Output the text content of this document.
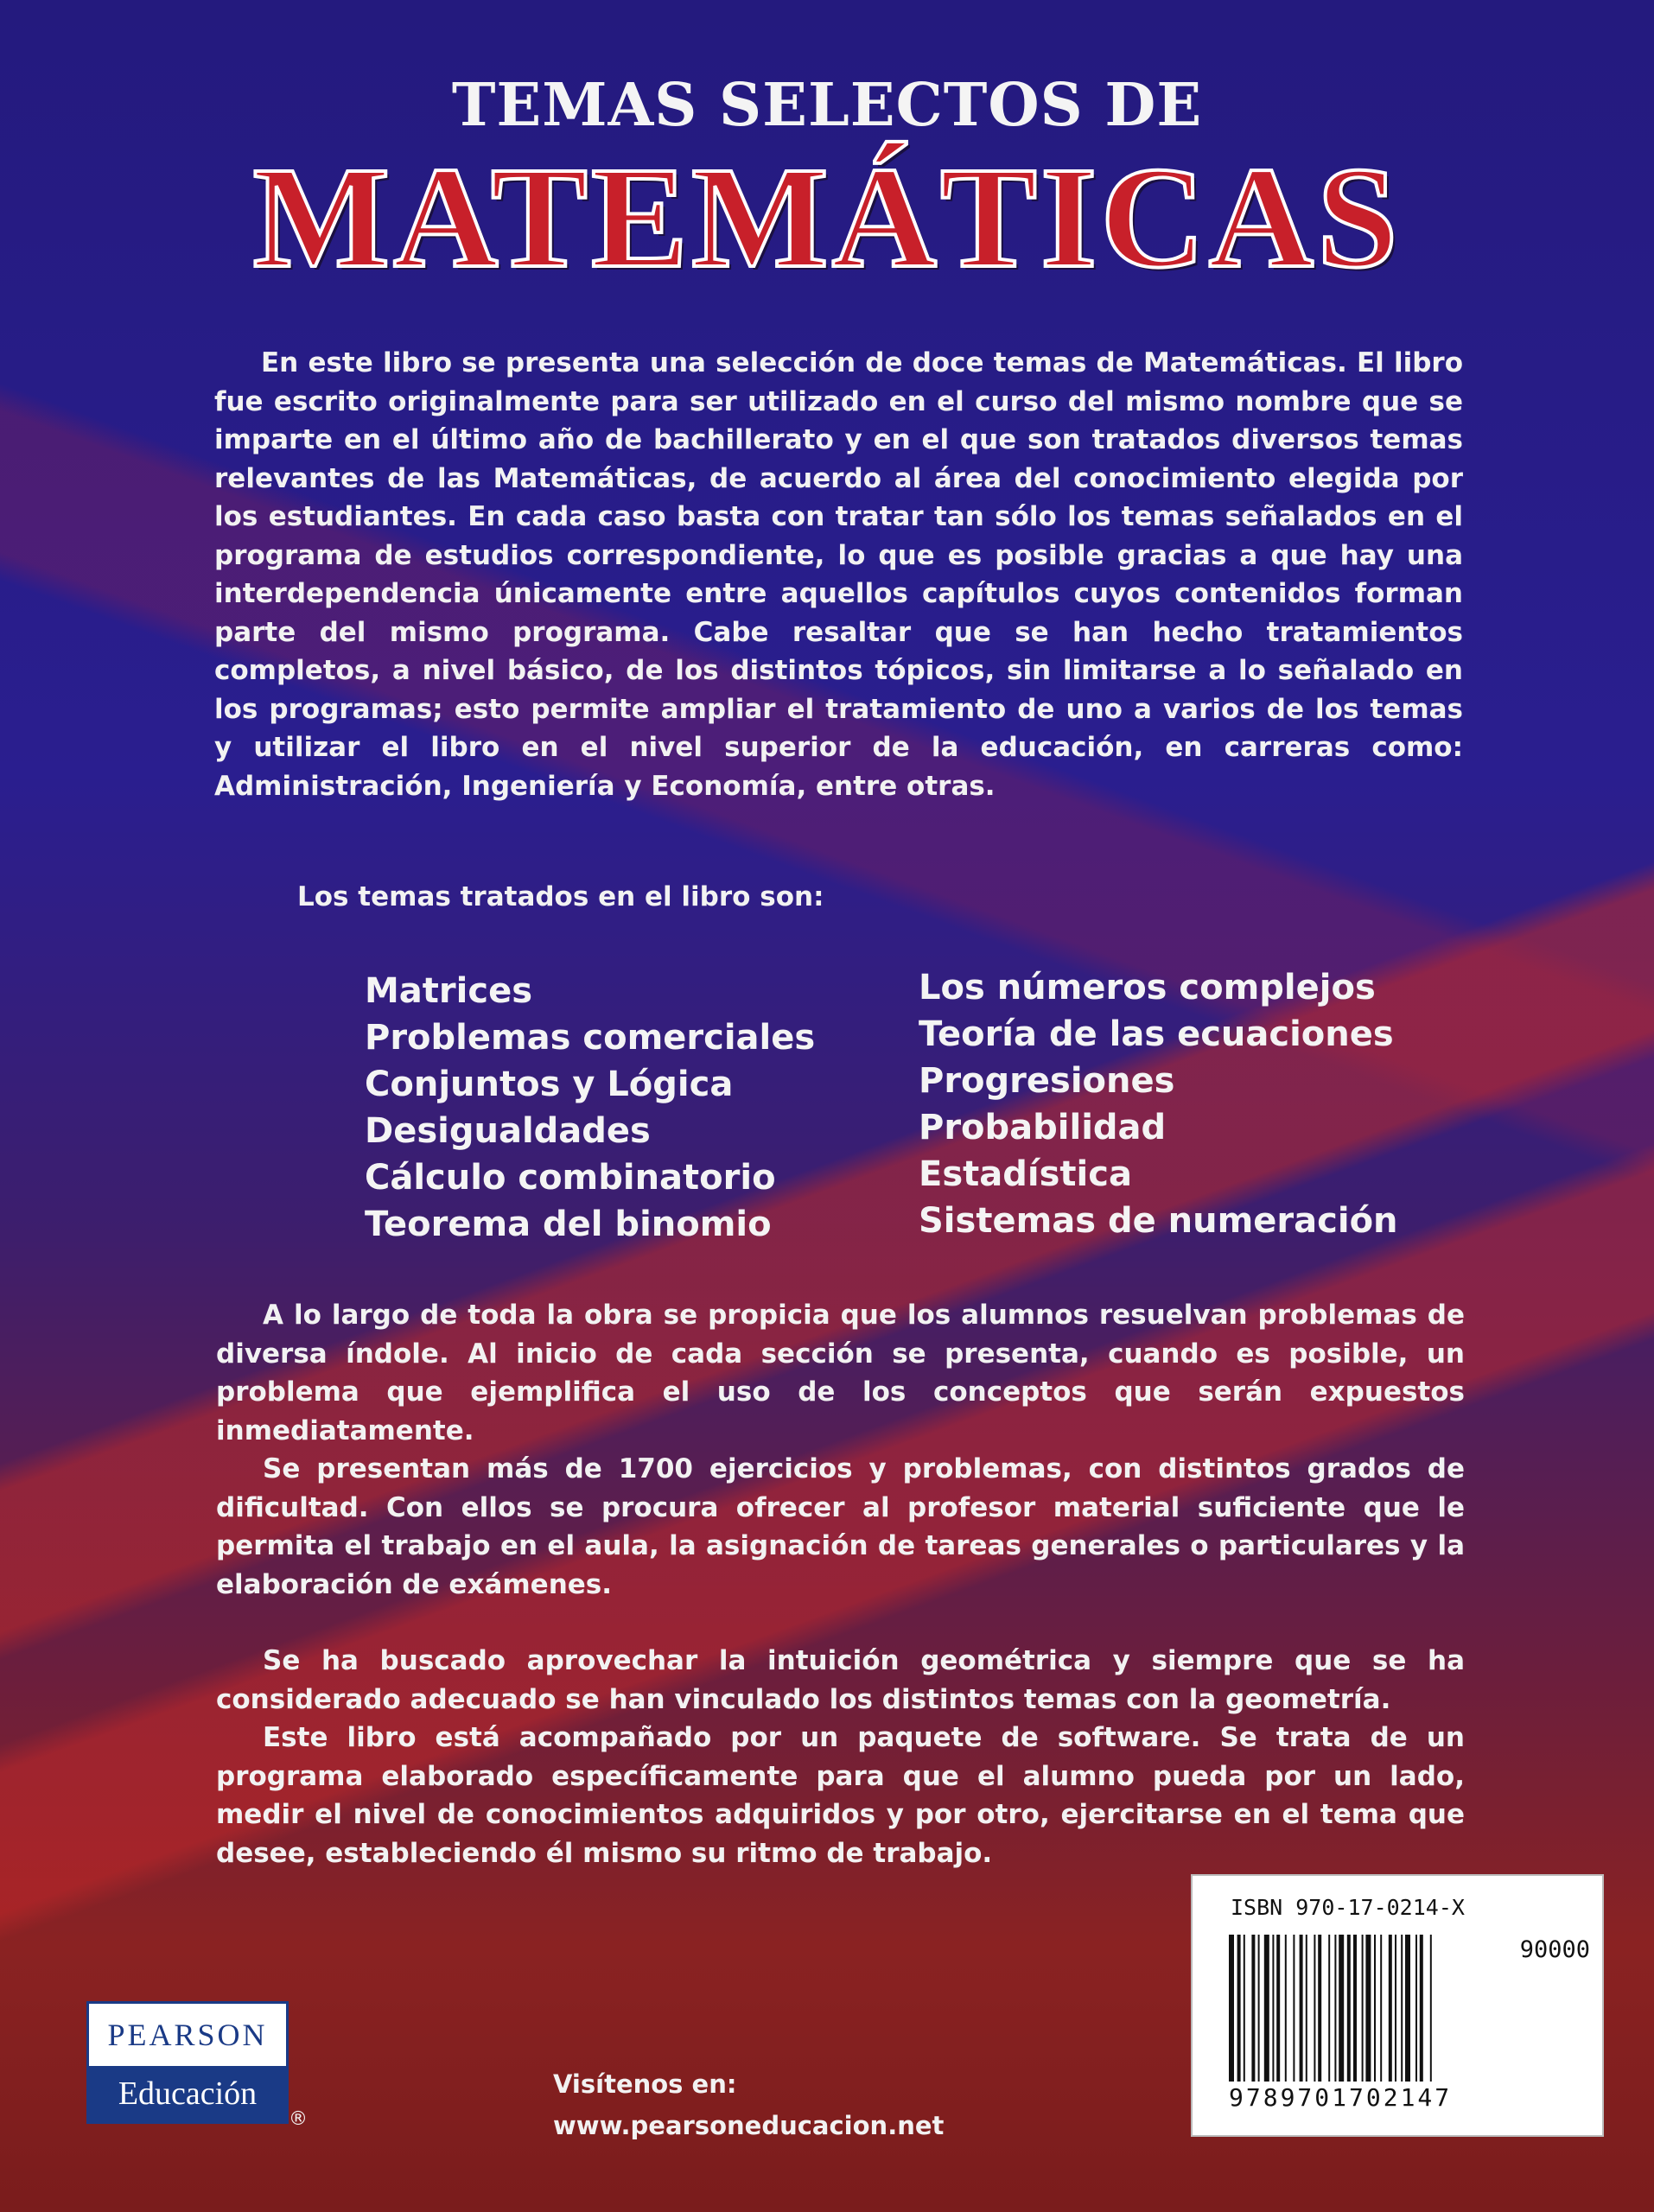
TEMAS SELECTOS DE
MATEMÁTICAS
En este libro se presenta una selección de doce temas de Matemáticas. El libro fue escrito originalmente para ser utilizado en el curso del mismo nombre que se imparte en el último año de bachillerato y en el que son tratados diversos temas relevantes de las Matemáticas, de acuerdo al área del conocimiento elegida por los estudiantes. En cada caso basta con tratar tan sólo los temas señalados en el programa de estudios correspondiente, lo que es posible gracias a que hay una interdependencia únicamente entre aquellos capítulos cuyos contenidos forman parte del mismo programa. Cabe resaltar que se han hecho tratamientos completos, a nivel básico, de los distintos tópicos, sin limitarse a lo señalado en los programas; esto permite ampliar el tratamiento de uno a varios de los temas y utilizar el libro en el nivel superior de la educación, en carreras como: Administración, Ingeniería y Economía, entre otras.
Los temas tratados en el libro son:
Matrices
Problemas comerciales
Conjuntos y Lógica
Desigualdades
Cálculo combinatorio
Teorema del binomio
Los números complejos
Teoría de las ecuaciones
Progresiones
Probabilidad
Estadística
Sistemas de numeración
A lo largo de toda la obra se propicia que los alumnos resuelvan problemas de diversa índole. Al inicio de cada sección se presenta, cuando es posible, un problema que ejemplifica el uso de los conceptos que serán expuestos inmediatamente.
Se presentan más de 1700 ejercicios y problemas, con distintos grados de dificultad. Con ellos se procura ofrecer al profesor material suficiente que le permita el trabajo en el aula, la asignación de tareas generales o particulares y la elaboración de exámenes.
Se ha buscado aprovechar la intuición geométrica y siempre que se ha considerado adecuado se han vinculado los distintos temas con la geometría.
Este libro está acompañado por un paquete de software. Se trata de un programa elaborado específicamente para que el alumno pueda por un lado, medir el nivel de conocimientos adquiridos y por otro, ejercitarse en el tema que desee, estableciendo él mismo su ritmo de trabajo.
ISBN 970-17-0214-X
90000
9789701702147
PEARSON
Educación
®
Visítenos en:
www.pearsoneducacion.net
